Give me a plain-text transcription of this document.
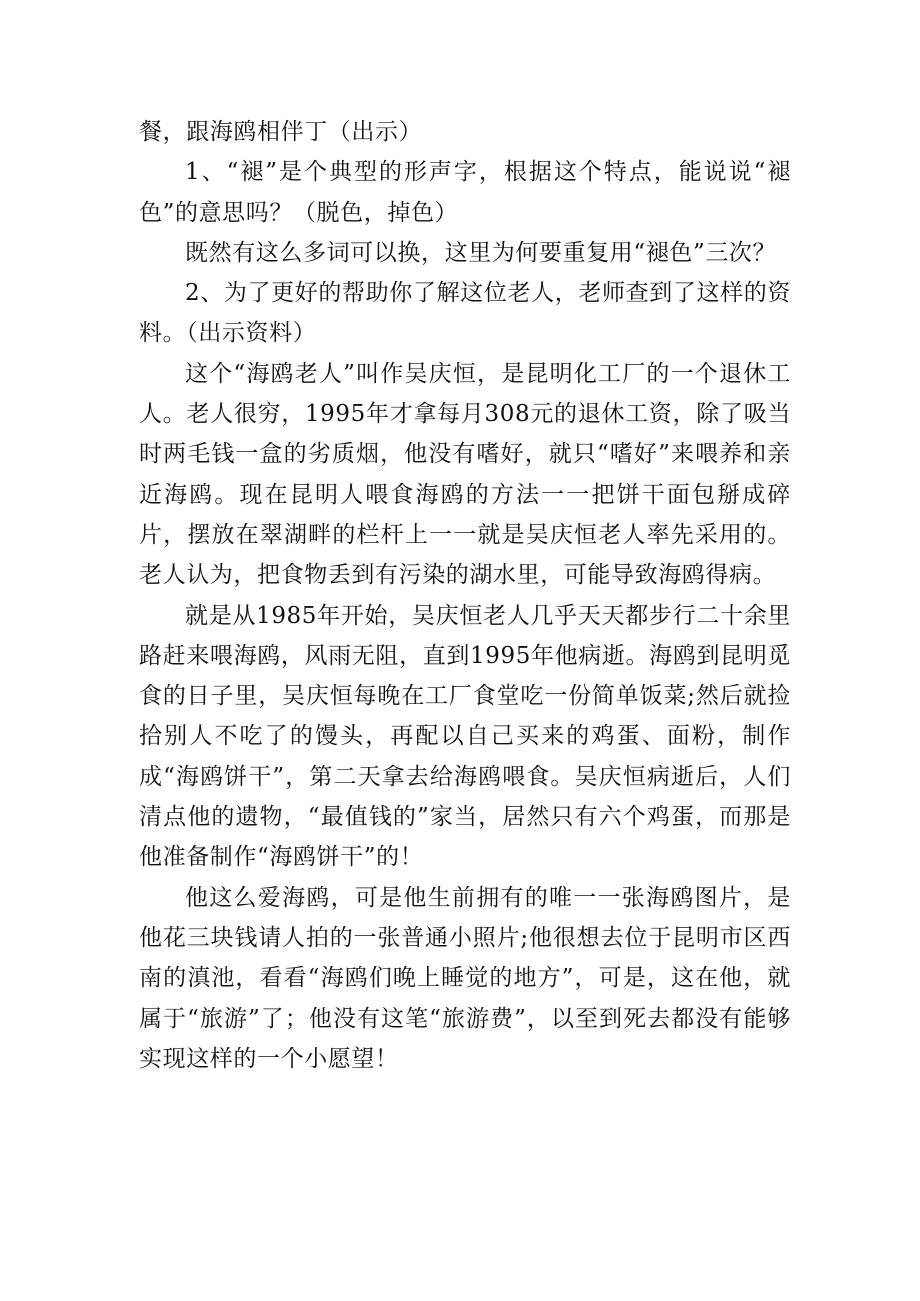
餐，跟海鸥相伴丁（出示）

1、“褪”是个典型的形声字，根据这个特点，能说说“褪色”的意思吗？（脱色，掉色）

既然有这么多词可以换，这里为何要重复用“褪色”三次？

2、为了更好的帮助你了解这位老人，老师查到了这样的资料。（出示资料）

这个“海鸥老人”叫作吴庆恒，是昆明化工厂的一个退休工人。老人很穷，1995年才拿每月308元的退休工资，除了吸当时两毛钱一盒的劣质烟，他没有嗜好，就只“嗜好”来喂养和亲近海鸥。现在昆明人喂食海鸥的方法一一把饼干面包掰成碎片，摆放在翠湖畔的栏杆上一一就是吴庆恒老人率先采用的。老人认为，把食物丢到有污染的湖水里，可能导致海鸥得病。

就是从1985年开始，吴庆恒老人几乎天天都步行二十余里路赶来喂海鸥，风雨无阻，直到1995年他病逝。海鸥到昆明觅食的日子里，吴庆恒每晚在工厂食堂吃一份简单饭菜;然后就捡拾别人不吃了的馒头，再配以自己买来的鸡蛋、面粉，制作成“海鸥饼干”，第二天拿去给海鸥喂食。吴庆恒病逝后，人们清点他的遗物，“最值钱的”家当，居然只有六个鸡蛋，而那是他准备制作“海鸥饼干”的！

他这么爱海鸥，可是他生前拥有的唯一一张海鸥图片，是他花三块钱请人拍的一张普通小照片;他很想去位于昆明市区西南的滇池，看看“海鸥们晚上睡觉的地方”，可是，这在他，就属于“旅游”了；他没有这笔“旅游费”，以至到死去都没有能够实现这样的一个小愿望！
